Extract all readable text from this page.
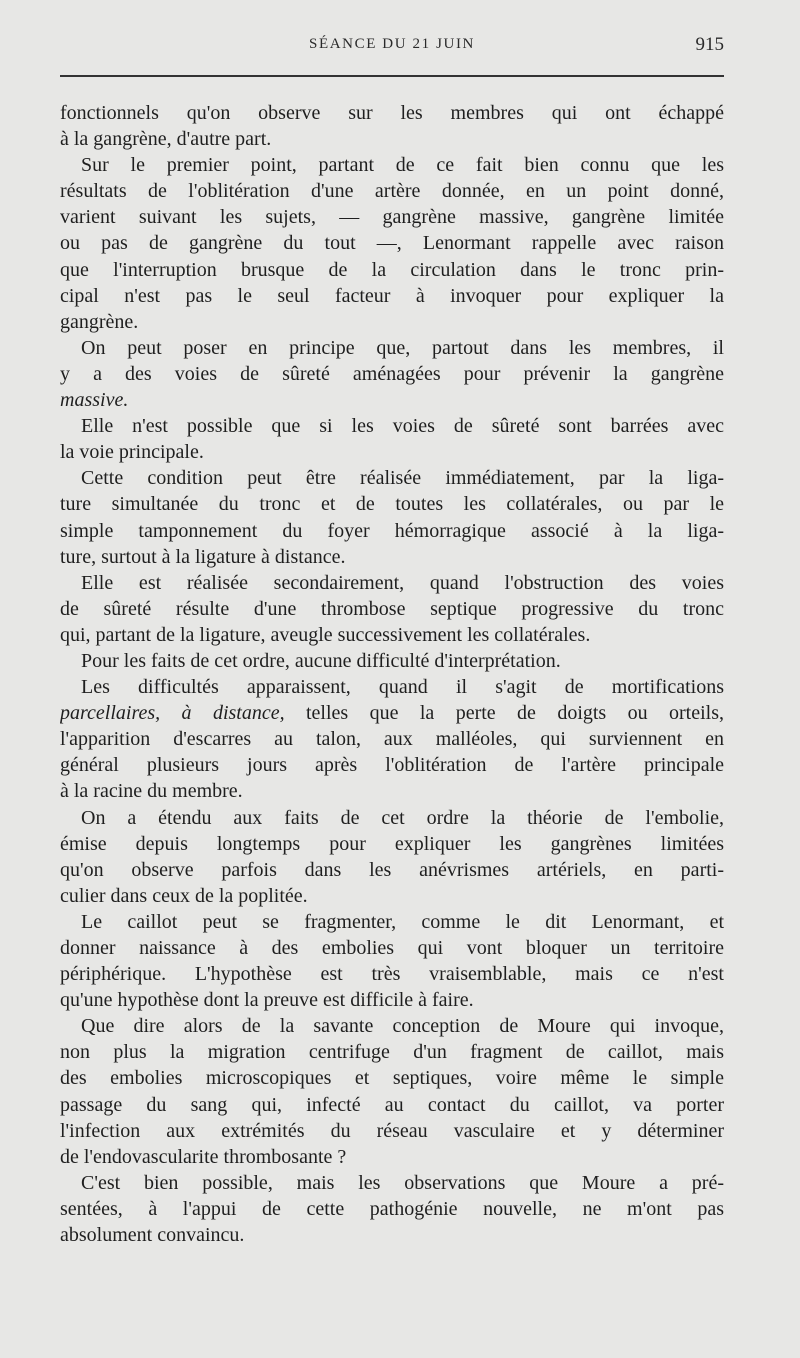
SÉANCE DU 21 JUIN	915
fonctionnels qu'on observe sur les membres qui ont échappé
à la gangrène, d'autre part.
Sur le premier point, partant de ce fait bien connu que les
résultats de l'oblitération d'une artère donnée, en un point donné,
varient suivant les sujets, — gangrène massive, gangrène limitée
ou pas de gangrène du tout —, Lenormant rappelle avec raison
que l'interruption brusque de la circulation dans le tronc prin-
cipal n'est pas le seul facteur à invoquer pour expliquer la
gangrène.
On peut poser en principe que, partout dans les membres, il
y a des voies de sûreté aménagées pour prévenir la gangrène
massive.
Elle n'est possible que si les voies de sûreté sont barrées avec
la voie principale.
Cette condition peut être réalisée immédiatement, par la liga-
ture simultanée du tronc et de toutes les collatérales, ou par le
simple tamponnement du foyer hémorragique associé à la liga-
ture, surtout à la ligature à distance.
Elle est réalisée secondairement, quand l'obstruction des voies
de sûreté résulte d'une thrombose septique progressive du tronc
qui, partant de la ligature, aveugle successivement les collatérales.
Pour les faits de cet ordre, aucune difficulté d'interprétation.
Les difficultés apparaissent, quand il s'agit de mortifications
parcellaires, à distance, telles que la perte de doigts ou orteils,
l'apparition d'escarres au talon, aux malléoles, qui surviennent en
général plusieurs jours après l'oblitération de l'artère principale
à la racine du membre.
On a étendu aux faits de cet ordre la théorie de l'embolie,
émise depuis longtemps pour expliquer les gangrènes limitées
qu'on observe parfois dans les anévrismes artériels, en parti-
culier dans ceux de la poplitée.
Le caillot peut se fragmenter, comme le dit Lenormant, et
donner naissance à des embolies qui vont bloquer un territoire
périphérique. L'hypothèse est très vraisemblable, mais ce n'est
qu'une hypothèse dont la preuve est difficile à faire.
Que dire alors de la savante conception de Moure qui invoque,
non plus la migration centrifuge d'un fragment de caillot, mais
des embolies microscopiques et septiques, voire même le simple
passage du sang qui, infecté au contact du caillot, va porter
l'infection aux extrémités du réseau vasculaire et y déterminer
de l'endovascularite thrombosante ?
C'est bien possible, mais les observations que Moure a pré-
sentées, à l'appui de cette pathogénie nouvelle, ne m'ont pas
absolument convaincu.
